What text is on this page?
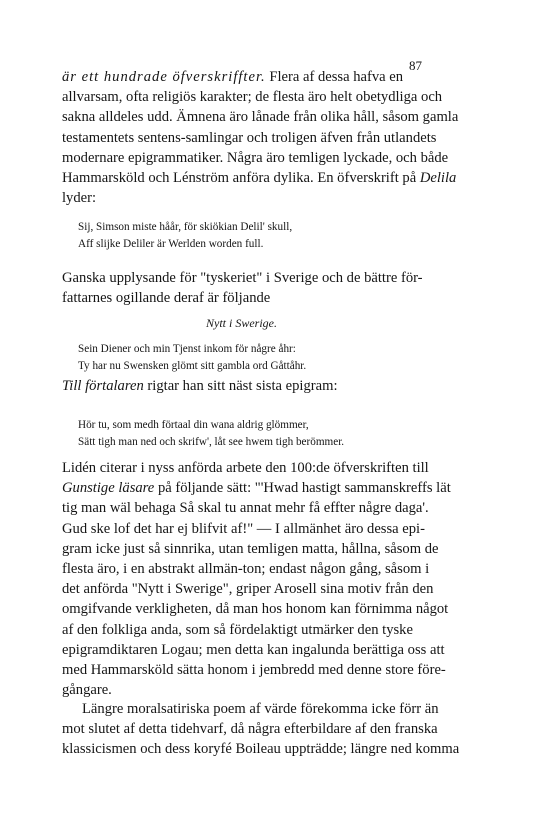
87
är ett hundrade öfverskriffter. Flera af dessa hafva en
allvarsam, ofta religiös karakter; de flesta äro helt obetydliga och
sakna alldeles udd. Ämnena äro lånade från olika håll, såsom gamla
testamentets sentens-samlingar och troligen äfven från utlandets
modernare epigrammatiker. Några äro temligen lyckade, och både
Hammarsköld och Lénström anföra dylika. En öfverskrift på Delila
lyder:
Sij, Simson miste håår, för skiökian Delil' skull,
Aff slijke Deliler är Werlden worden full.
Ganska upplysande för "tyskeriet" i Sverige och de bättre för-
fattarnes ogillande deraf är följande
Nytt i Swerige.
Sein Diener och min Tjenst inkom för någre åhr:
Ty har nu Swensken glömt sitt gambla ord Gåttåhr.
Till förtalaren rigtar han sitt näst sista epigram:
Hör tu, som medh förtaal din wana aldrig glömmer,
Sätt tigh man ned och skrifw', låt see hwem tigh berömmer.
Lidén citerar i nyss anförda arbete den 100:de öfverskriften till
Gunstige läsare på följande sätt: "'Hwad hastigt sammanskreffs lät
tig man wäl behaga Så skal tu annat mehr få effter någre daga'.
Gud ske lof det har ej blifvit af!" — I allmänhet äro dessa epi-
gram icke just så sinnrika, utan temligen matta, hållna, såsom de
flesta äro, i en abstrakt allmän-ton; endast någon gång, såsom i
det anförda "Nytt i Swerige", griper Arosell sina motiv från den
omgifvande verkligheten, då man hos honom kan förnimma något
af den folkliga anda, som så fördelaktigt utmärker den tyske
epigramdiktaren Logau; men detta kan ingalunda berättiga oss att
med Hammarsköld sätta honom i jembredd med denne store före-
gångare.
Längre moralsatiriska poem af värde förekomma icke förr än
mot slutet af detta tidehvarf, då några efterbildare af den franska
klassicismen och dess koryfé Boileau uppträdde; längre ned komma
